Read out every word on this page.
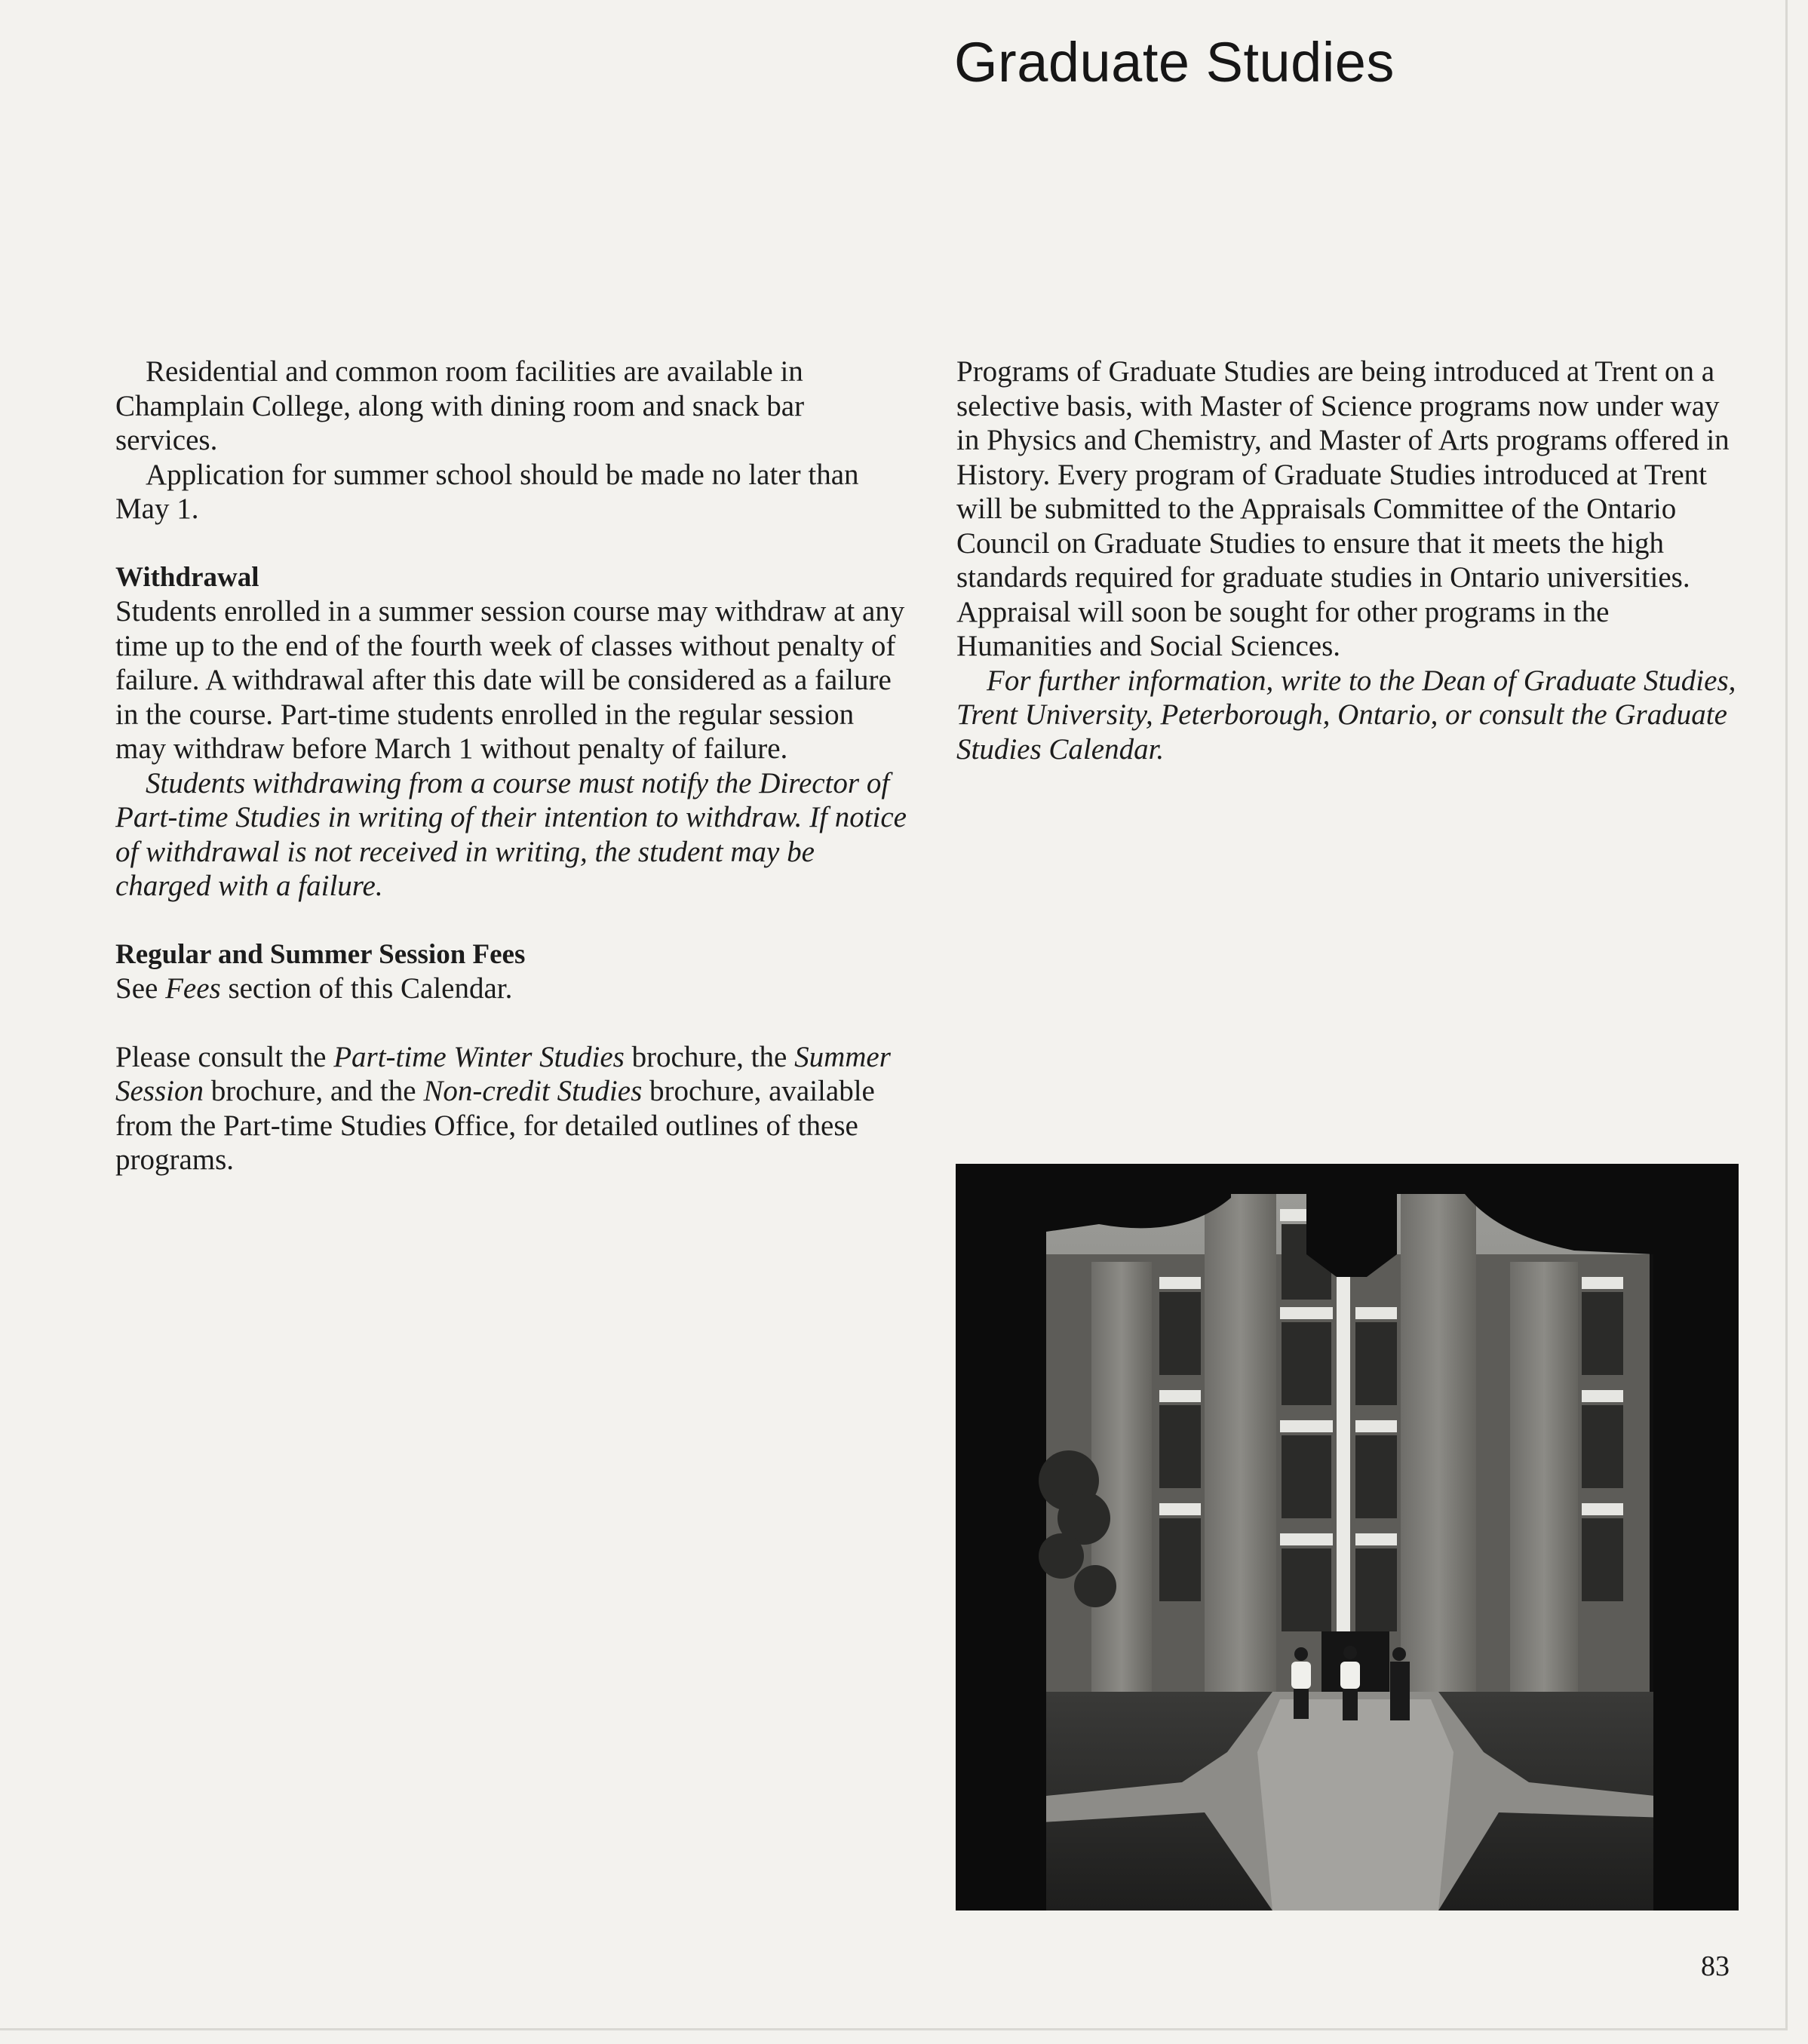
Graduate Studies

Residential and common room facilities are available in Champlain College, along with dining room and snack bar services.

Application for summer school should be made no later than May 1.

Withdrawal

Students enrolled in a summer session course may withdraw at any time up to the end of the fourth week of classes without penalty of failure. A withdrawal after this date will be considered as a failure in the course. Part-time students enrolled in the regular session may withdraw before March 1 without penalty of failure.

Students withdrawing from a course must notify the Director of Part-time Studies in writing of their intention to withdraw. If notice of withdrawal is not received in writing, the student may be charged with a failure.

Regular and Summer Session Fees

See Fees section of this Calendar.

Please consult the Part-time Winter Studies brochure, the Summer Session brochure, and the Non-credit Studies brochure, available from the Part-time Studies Office, for detailed outlines of these programs.

Programs of Graduate Studies are being introduced at Trent on a selective basis, with Master of Science programs now under way in Physics and Chemistry, and Master of Arts programs offered in History. Every program of Graduate Studies introduced at Trent will be submitted to the Appraisals Committee of the Ontario Council on Graduate Studies to ensure that it meets the high standards required for graduate studies in Ontario universities. Appraisal will soon be sought for other programs in the Humanities and Social Sciences.

For further information, write to the Dean of Graduate Studies, Trent University, Peterborough, Ontario, or consult the Graduate Studies Calendar.

83
